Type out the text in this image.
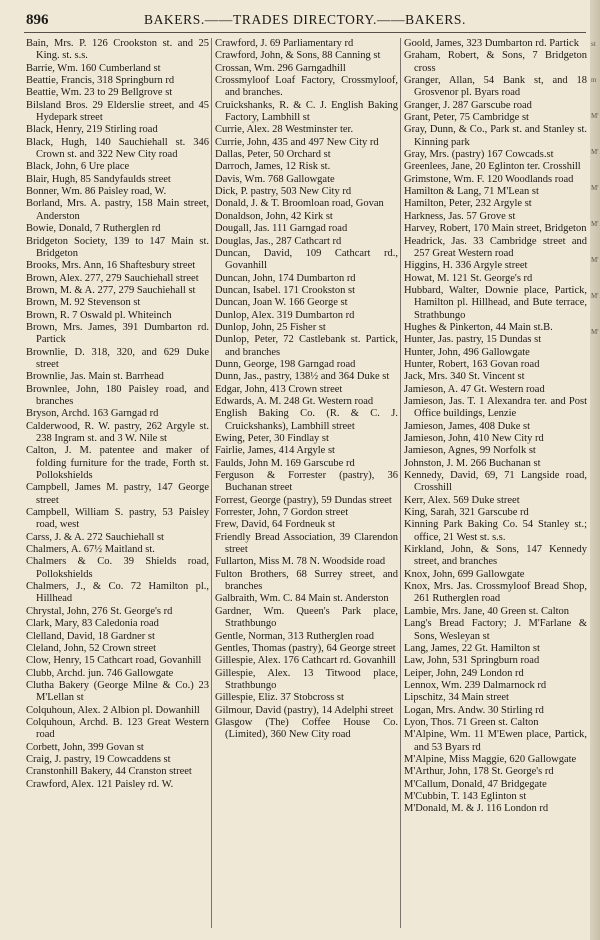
896	BAKERS.——TRADES DIRECTORY.——BAKERS.
Bain, Mrs. P. 126 Crookston st. and 25 King. st. s.s.
Barrie, Wm. 160 Cumberland st
Beattie, Francis, 318 Springburn rd
Beattie, Wm. 23 to 29 Bellgrove st
Bilsland Bros. 29 Elderslie street, and 45 Hydepark street
Black, Henry, 219 Stirling road
Black, Hugh, 140 Sauchiehall st. 346 Crown st. and 322 New City road
Black, John, 6 Ure place
Blair, Hugh, 85 Sandyfaulds street
Bonner, Wm. 86 Paisley road, W.
Borland, Mrs. A. pastry, 158 Main street, Anderston
Bowie, Donald, 7 Rutherglen rd
Bridgeton Society, 139 to 147 Main st. Bridgeton
Brooks, Mrs. Ann, 16 Shaftesbury street
Brown, Alex. 277, 279 Sauchiehall street
Brown, M. & A. 277, 279 Sauchiehall st
Brown, M. 92 Stevenson st
Brown, R. 7 Oswald pl. Whiteinch
Brown, Mrs. James, 391 Dumbarton rd. Partick
Brownlie, D. 318, 320, and 629 Duke street
Brownlie, Jas. Main st. Barrhead
Brownlee, John, 180 Paisley road, and branches
Bryson, Archd. 163 Garngad rd
Calderwood, R. W. pastry, 262 Argyle st. 238 Ingram st. and 3 W. Nile st
Calton, J. M. patentee and maker of folding furniture for the trade, Forth st. Pollokshields
Campbell, James M. pastry, 147 George street
Campbell, William S. pastry, 53 Paisley road, west
Carss, J. & A. 272 Sauchiehall st
Chalmers, A. 67½ Maitland st.
Chalmers & Co. 39 Shields road, Pollokshields
Chalmers, J., & Co. 72 Hamilton pl., Hillhead
Chrystal, John, 276 St. George's rd
Clark, Mary, 83 Caledonia road
Clelland, David, 18 Gardner st
Cleland, John, 52 Crown street
Clow, Henry, 15 Cathcart road, Govanhill
Clubb, Archd. jun. 746 Gallowgate
Clutha Bakery (George Milne & Co.) 23 M'Lellan st
Colquhoun, Alex. 2 Albion pl. Dowanhill
Colquhoun, Archd. B. 123 Great Western road
Corbett, John, 399 Govan st
Craig, J. pastry, 19 Cowcaddens st
Cranstonhill Bakery, 44 Cranston street
Crawford, Alex. 121 Paisley rd. W.
Crawford, J. 69 Parliamentary rd
Crawford, John, & Sons, 88 Canning st
Crossan, Wm. 296 Garngadhill
Crossmyloof Loaf Factory, Crossmyloof, and branches.
Cruickshanks, R. & C. J. English Baking Factory, Lambhill st
Currie, Alex. 28 Westminster ter.
Currie, John, 435 and 497 New City rd
Dallas, Peter, 50 Orchard st
Darroch, James, 12 Risk st.
Davis, Wm. 768 Gallowgate
Dick, P. pastry, 503 New City rd
Donald, J. & T. Broomloan road, Govan
Donaldson, John, 42 Kirk st
Dougall, Jas. 111 Garngad road
Douglas, Jas., 287 Cathcart rd
Duncan, David, 109 Cathcart rd., Govanhill
Duncan, John, 174 Dumbarton rd
Duncan, Isabel. 171 Crookston st
Duncan, Joan W. 166 George st
Dunlop, Alex. 319 Dumbarton rd
Dunlop, John, 25 Fisher st
Dunlop, Peter, 72 Castlebank st. Partick, and branches
Dunn, George, 198 Garngad road
Dunn, Jas., pastry, 138½ and 364 Duke st
Edgar, John, 413 Crown street
Edwards, A. M. 248 Gt. Western road
English Baking Co. (R. & C. J. Cruickshanks), Lambhill street
Ewing, Peter, 30 Findlay st
Fairlie, James, 414 Argyle st
Faulds, John M. 169 Garscube rd
Ferguson & Forrester (pastry), 36 Buchanan street
Forrest, George (pastry), 59 Dundas street
Forrester, John, 7 Gordon street
Frew, David, 64 Fordneuk st
Friendly Bread Association, 39 Clarendon street
Fullarton, Miss M. 78 N. Woodside road
Fulton Brothers, 68 Surrey street, and branches
Galbraith, Wm. C. 84 Main st. Anderston
Gardner, Wm. Queen's Park place, Strathbungo
Gentle, Norman, 313 Rutherglen road
Gentles, Thomas (pastry), 64 George street
Gillespie, Alex. 176 Cathcart rd. Govanhill
Gillespie, Alex. 13 Titwood place, Strathbungo
Gillespie, Eliz. 37 Stobcross st
Gilmour, David (pastry), 14 Adelphi street
Glasgow (The) Coffee House Co. (Limited), 360 New City road
Goold, James, 323 Dumbarton rd. Partick
Graham, Robert, & Sons, 7 Bridgeton cross
Granger, Allan, 54 Bank st, and 18 Grosvenor pl. Byars road
Granger, J. 287 Garscube road
Grant, Peter, 75 Cambridge st
Gray, Dunn, & Co., Park st. and Stanley st. Kinning park
Gray, Mrs. (pastry) 167 Cowcads.st
Greenlees, Jane, 20 Eglinton ter. Crosshill
Grimstone, Wm. F. 120 Woodlands road
Hamilton & Lang, 71 M'Lean st
Hamilton, Peter, 232 Argyle st
Harkness, Jas. 57 Grove st
Harvey, Robert, 170 Main street, Bridgeton
Headrick, Jas. 33 Cambridge street and 257 Great Western road
Higgins, H. 336 Argyle street
Howat, M. 121 St. George's rd
Hubbard, Walter, Downie place, Partick, Hamilton pl. Hillhead, and Bute terrace, Strathbungo
Hughes & Pinkerton, 44 Main st.B.
Hunter, Jas. pastry, 15 Dundas st
Hunter, John, 496 Gallowgate
Hunter, Robert, 163 Govan road
Jack, Mrs. 340 St. Vincent st
Jamieson, A. 47 Gt. Western road
Jamieson, Jas. T. 1 Alexandra ter. and Post Office buildings, Lenzie
Jamieson, James, 408 Duke st
Jamieson, John, 410 New City rd
Jamieson, Agnes, 99 Norfolk st
Johnston, J. M. 266 Buchanan st
Kennedy, David, 69, 71 Langside road, Crosshill
Kerr, Alex. 569 Duke street
King, Sarah, 321 Garscube rd
Kinning Park Baking Co. 54 Stanley st.; office, 21 West st. s.s.
Kirkland, John, & Sons, 147 Kennedy street, and branches
Knox, John, 699 Gallowgate
Knox, Mrs. Jas. Crossmyloof Bread Shop, 261 Rutherglen road
Lambie, Mrs. Jane, 40 Green st. Calton
Lang's Bread Factory; J. M'Farlane & Sons, Wesleyan st
Lang, James, 22 Gt. Hamilton st
Law, John, 531 Springburn road
Leiper, John, 249 London rd
Lennox, Wm. 239 Dalmarnock rd
Lipschitz, 34 Main street
Logan, Mrs. Andw. 30 Stirling rd
Lyon, Thos. 71 Green st. Calton
M'Alpine, Wm. 11 M'Ewen place, Partick, and 53 Byars rd
M'Alpine, Miss Maggie, 620 Gallowgate
M'Arthur, John, 178 St. George's rd
M'Callum, Donald, 47 Bridgegate
M'Cubbin, T. 143 Eglinton st
M'Donald, M. & J. 116 London rd
st
m
M'
M'
M'
M'
M'
M'
M'
